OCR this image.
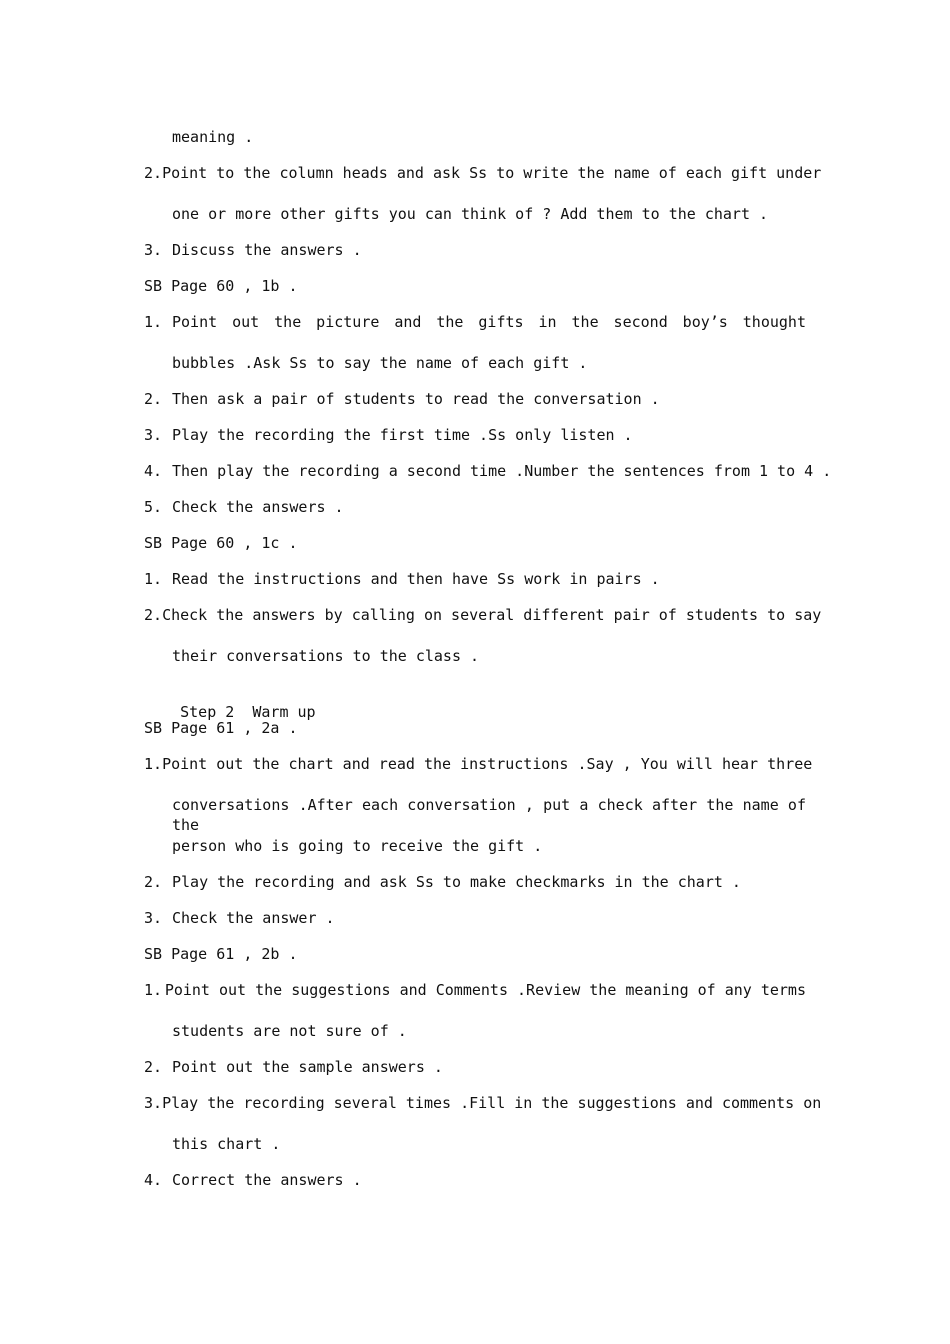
meaning .
2. Point to the column heads and ask Ss to write the name of each gift under
one or more other gifts you can think of ? Add them to the chart .
3. Discuss the answers .
SB Page 60 , 1b .
1. Point out the picture and the gifts in the second boy’s thought
bubbles .Ask Ss to say the name of each gift .
2. Then ask a pair of students to read the conversation .
3. Play the recording the first time .Ss only listen .
4. Then play the recording a second time .Number the sentences from 1 to 4 .
5. Check the answers .
SB Page 60 , 1c .
1. Read the instructions and then have Ss work in pairs .
2. Check the answers by calling on several different pair of students to say
their conversations to the class .

Step 2  Warm up

SB Page 61 , 2a .
1. Point out the chart and read the instructions .Say , You will hear three
conversations .After each conversation , put a check after the name of the
person who is going to receive the gift .
2. Play the recording and ask Ss to make checkmarks in the chart .
3. Check the answer .
SB Page 61 , 2b .
1. Point out the suggestions and Comments .Review the meaning of any terms
students are not sure of .
2. Point out the sample answers .
3. Play the recording several times .Fill in the suggestions and comments on
this chart .
4. Correct the answers .
